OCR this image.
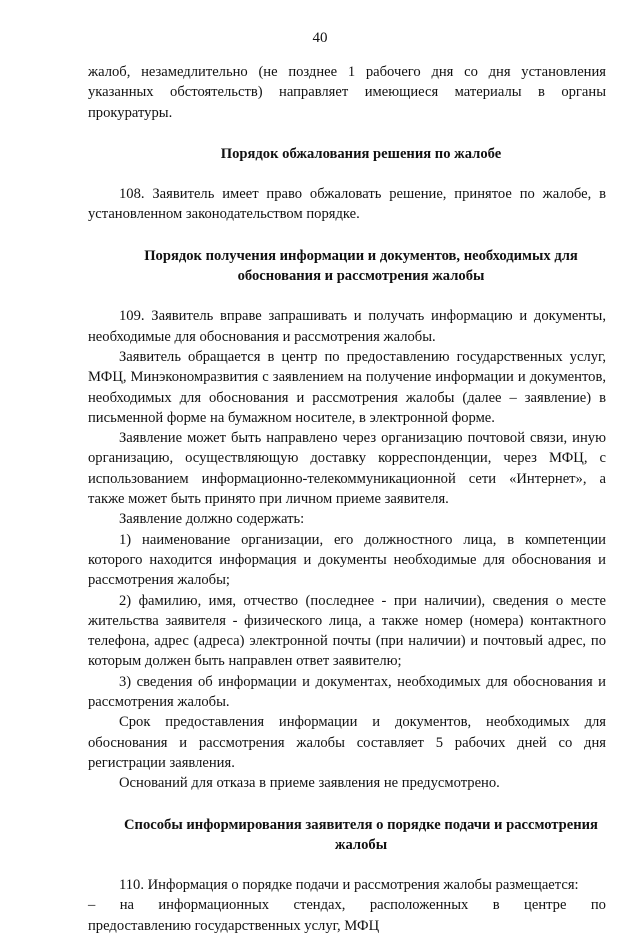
40

жалоб, незамедлительно (не позднее 1 рабочего дня со дня установления указанных обстоятельств) направляет имеющиеся материалы в органы прокуратуры.

Порядок обжалования решения по жалобе

108. Заявитель имеет право обжаловать решение, принятое по жалобе, в установленном законодательством порядке.

Порядок получения информации и документов, необходимых для обоснования и рассмотрения жалобы

109. Заявитель вправе запрашивать и получать информацию и документы, необходимые для обоснования и рассмотрения жалобы.

Заявитель обращается в центр по предоставлению государственных услуг, МФЦ, Минэкономразвития с заявлением на получение информации и документов, необходимых для обоснования и рассмотрения жалобы (далее – заявление) в письменной форме на бумажном носителе, в электронной форме.

Заявление может быть направлено через организацию почтовой связи, иную организацию, осуществляющую доставку корреспонденции, через МФЦ, с использованием информационно-телекоммуникационной сети «Интернет», а также может быть принято при личном приеме заявителя.

Заявление должно содержать:

1) наименование организации, его должностного лица, в компетенции которого находится информация и документы необходимые для обоснования и рассмотрения жалобы;

2) фамилию, имя, отчество (последнее - при наличии), сведения о месте жительства заявителя - физического лица, а также номер (номера) контактного телефона, адрес (адреса) электронной почты (при наличии) и почтовый адрес, по которым должен быть направлен ответ заявителю;

3) сведения об информации и документах, необходимых для обоснования и рассмотрения жалобы.

Срок предоставления информации и документов, необходимых для обоснования и рассмотрения жалобы составляет 5 рабочих дней со дня регистрации заявления.

Оснований для отказа в приеме заявления не предусмотрено.

Способы информирования заявителя о порядке подачи и рассмотрения жалобы

110. Информация о порядке подачи и рассмотрения жалобы размещается:

– на информационных стендах, расположенных в центре по

предоставлению государственных услуг, МФЦ
